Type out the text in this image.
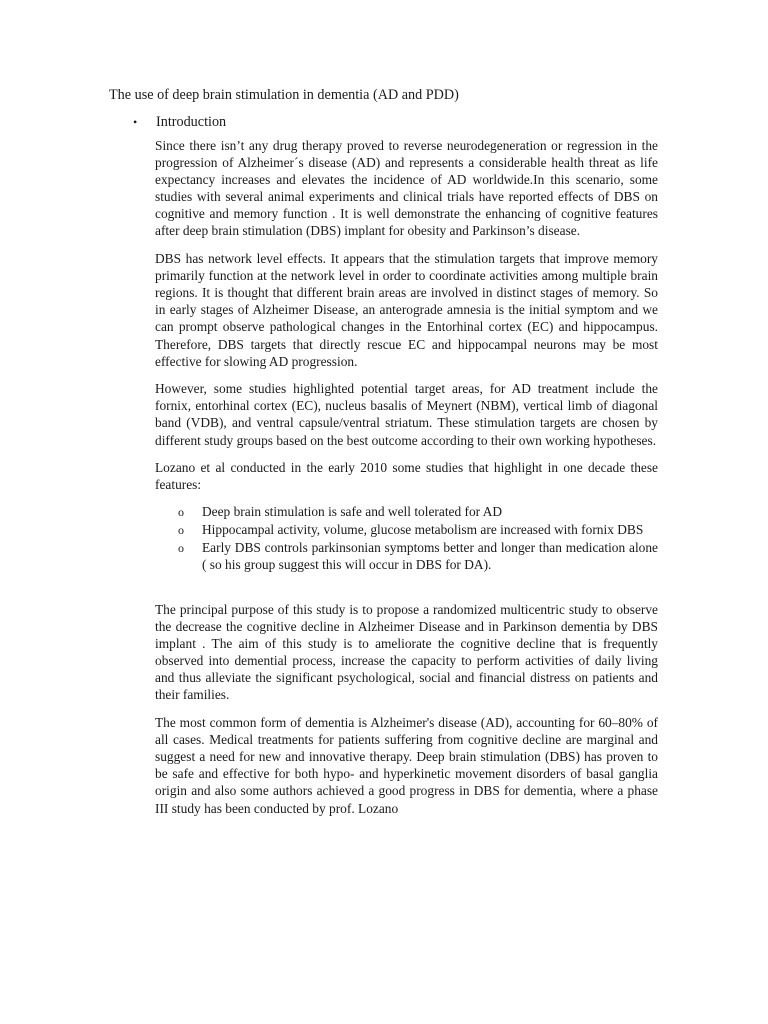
The use of deep brain stimulation in dementia (AD and PDD)
• Introduction

Since there isn’t any drug therapy proved to reverse neurodegeneration or regression in the progression of Alzheimer´s disease (AD) and represents a considerable health threat as life expectancy increases and elevates the incidence of AD worldwide.In this scenario, some studies with several animal experiments and clinical trials have reported effects of DBS on cognitive and memory function . It is well demonstrate the enhancing of cognitive features after deep brain stimulation (DBS) implant for obesity and Parkinson’s disease.

DBS has network level effects. It appears that the stimulation targets that improve memory primarily function at the network level in order to coordinate activities among multiple brain regions. It is thought that different brain areas are involved in distinct stages of memory. So in early stages of Alzheimer Disease, an anterograde amnesia is the initial symptom and we can prompt observe pathological changes in the Entorhinal cortex (EC) and hippocampus. Therefore, DBS targets that directly rescue EC and hippocampal neurons may be most effective for slowing AD progression.

However, some studies highlighted potential target areas, for AD treatment include the fornix, entorhinal cortex (EC), nucleus basalis of Meynert (NBM), vertical limb of diagonal band (VDB), and ventral capsule/ventral striatum. These stimulation targets are chosen by different study groups based on the best outcome according to their own working hypotheses.

Lozano et al conducted in the early 2010 some studies that highlight in one decade these features:

o Deep brain stimulation is safe and well tolerated for AD
o Hippocampal activity, volume, glucose metabolism are increased with fornix DBS
o Early DBS controls parkinsonian symptoms better and longer than medication alone ( so his group suggest this will occur in DBS for DA).

The principal purpose of this study is to propose a randomized multicentric study to observe the decrease the cognitive decline in Alzheimer Disease and in Parkinson dementia by DBS implant . The aim of this study is to ameliorate the cognitive decline that is frequently observed into demential process, increase the capacity to perform activities of daily living and thus alleviate the significant psychological, social and financial distress on patients and their families.

The most common form of dementia is Alzheimer's disease (AD), accounting for 60–80% of all cases. Medical treatments for patients suffering from cognitive decline are marginal and suggest a need for new and innovative therapy. Deep brain stimulation (DBS) has proven to be safe and effective for both hypo- and hyperkinetic movement disorders of basal ganglia origin and also some authors achieved a good progress in DBS for dementia, where a phase III study has been conducted by prof. Lozano
